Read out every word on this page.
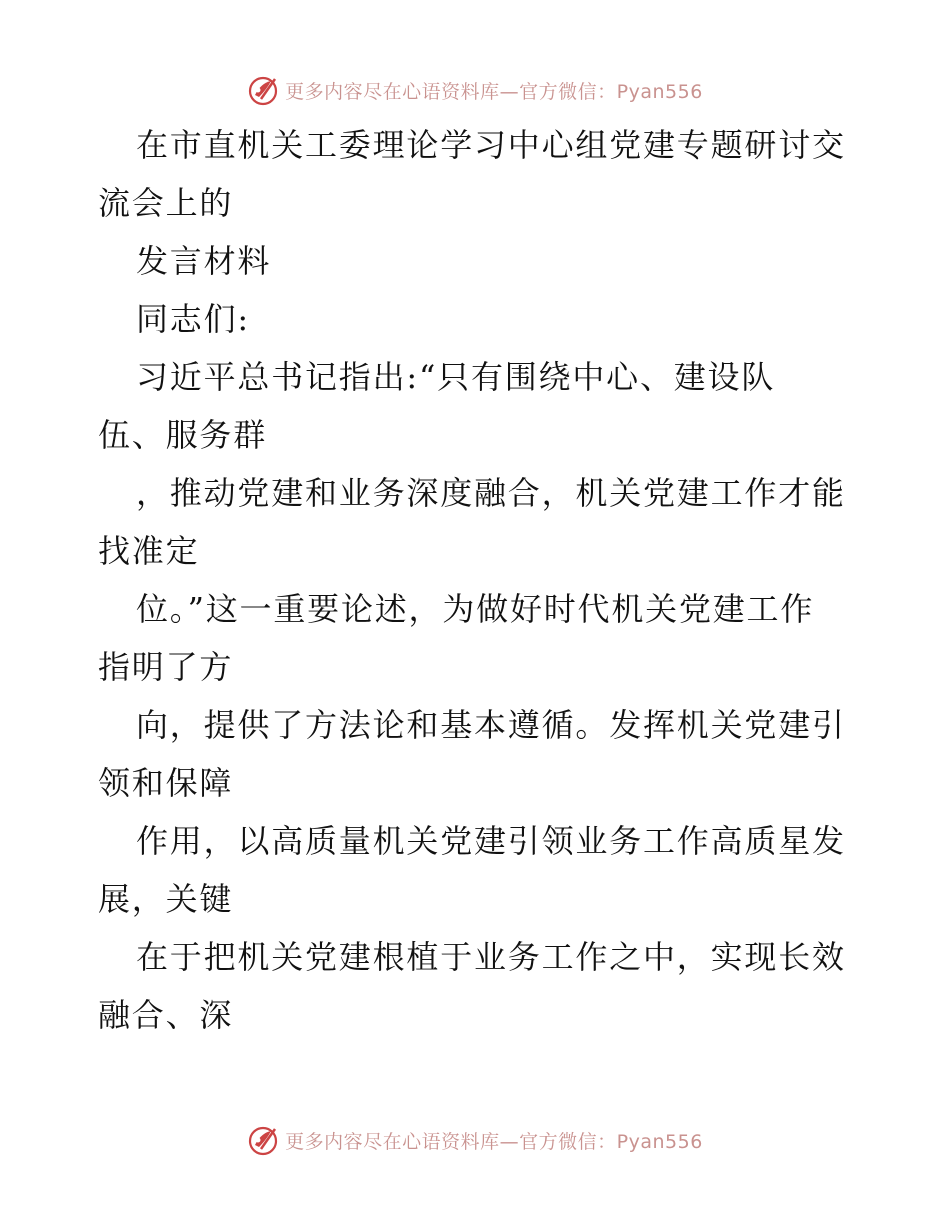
更多内容尽在心语资料库—官方微信：Pyan556

在市直机关工委理论学习中心组党建专题研讨交

流会上的

发言材料

同志们:

习近平总书记指出:“只有围绕中心、建设队

伍、服务群

，推动党建和业务深度融合，机关党建工作才能

找准定

位。”这一重要论述，为做好时代机关党建工作

指明了方

向，提供了方法论和基本遵循。发挥机关党建引

领和保障

作用，以高质量机关党建引领业务工作高质星发

展，关键

在于把机关党建根植于业务工作之中，实现长效

融合、深

更多内容尽在心语资料库—官方微信：Pyan556
